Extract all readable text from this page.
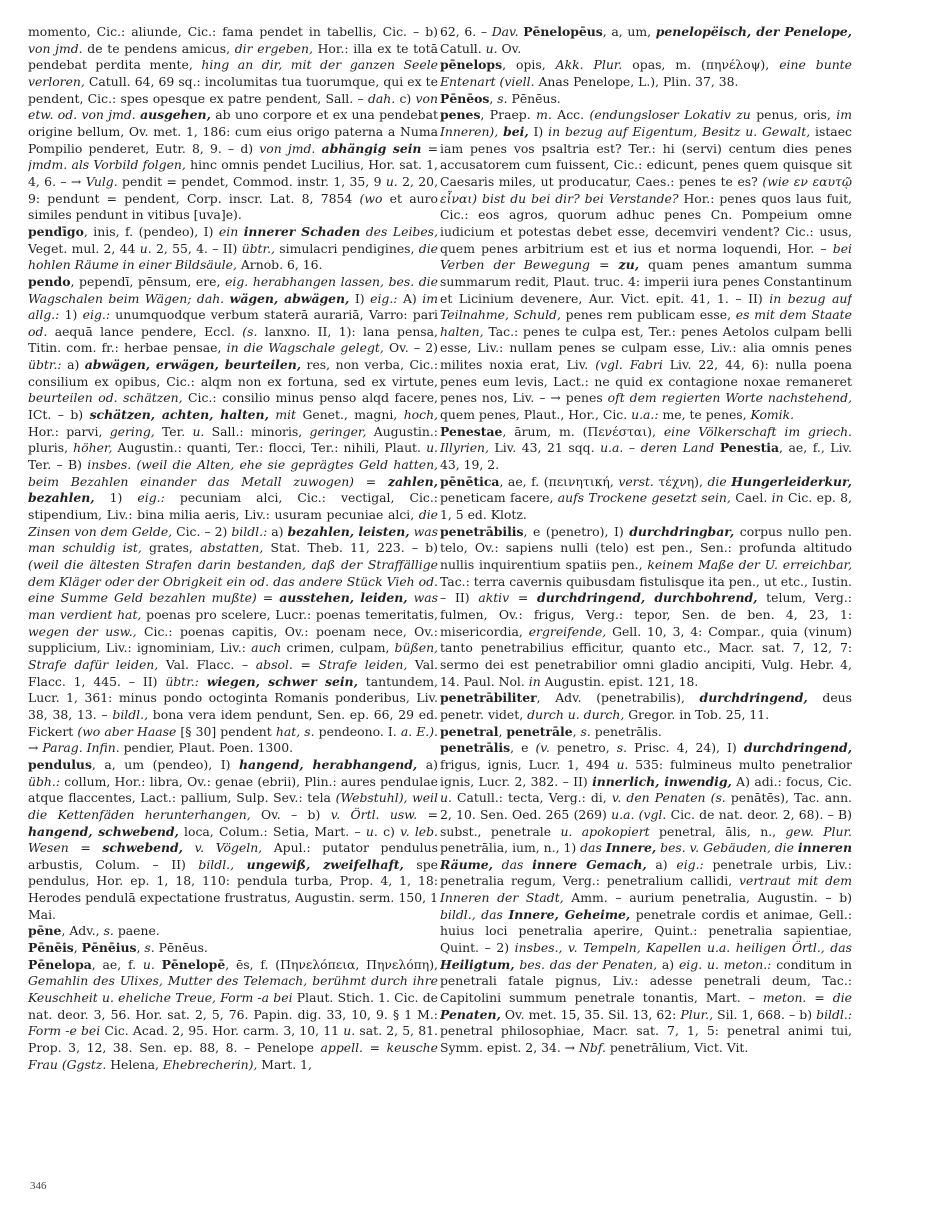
momento, Cic.: aliunde, Cic.: fama pendet in tabellis, Cic. – b) von jmd. de te pendens amicus, dir ergeben, Hor.: illa ex te totā pendebat perdita mente, hing an dir, mit der ganzen Seele verloren, Catull. 64, 69 sq.: incolumitas tua tuorumque, qui ex te pendent, Cic.: spes opesque ex patre pendent, Sall. – dah. c) von etw. od. von jmd. ausgehen, ab uno corpore et ex una pendebat origine bellum, Ov. met. 1, 186: cum eius origo paterna a Numa Pompilio penderet, Eutr. 8, 9. – d) von jmd. abhängig sein = jmdm. als Vorbild folgen, hinc omnis pendet Lucilius, Hor. sat. 1, 4, 6. – → Vulg. pendit = pendet, Commod. instr. 1, 35, 9 u. 2, 20, 9: pendunt = pendent, Corp. inscr. Lat. 8, 7854 (wo et auro similes pendunt in vitibus [uva]e).

pendīgo, inis, f. (pendeo), I) ein innerer Schaden des Leibes, Veget. mul. 2, 44 u. 2, 55, 4. – II) übtr., simulacri pendigines, die hohlen Räume in einer Bildsäule, Arnob. 6, 16.

pendo, pependī, pēnsum, ere, eig. herabhangen lassen, bes. die Wagschalen beim Wägen; dah. wägen, abwägen, I) eig.: A) im allg.: 1) eig.: unumquodque verbum staterā aurariā, Varro: pari od. aequā lance pendere, Eccl. (s. lanxno. II, 1): lana pensa, Titin. com. fr.: herbae pensae, in die Wagschale gelegt, Ov. – 2) übtr.: a) abwägen, erwägen, beurteilen, res, non verba, Cic.: consilium ex opibus, Cic.: alqm non ex fortuna, sed ex virtute, beurteilen od. schätzen, Cic.: consilio minus penso alqd facere, ICt. – b) schätzen, achten, halten, mit Genet., magni, hoch, Hor.: parvi, gering, Ter. u. Sall.: minoris, geringer, Augustin.: pluris, höher, Augustin.: quanti, Ter.: flocci, Ter.: nihili, Plaut. u. Ter. – B) insbes. (weil die Alten, ehe sie geprägtes Geld hatten, beim Bezahlen einander das Metall zuwogen) = zahlen, bezahlen, 1) eig.: pecuniam alci, Cic.: vectigal, Cic.: stipendium, Liv.: bina milia aeris, Liv.: usuram pecuniae alci, die Zinsen von dem Gelde, Cic. – 2) bildl.: a) bezahlen, leisten, was man schuldig ist, grates, abstatten, Stat. Theb. 11, 223. – b) (weil die ältesten Strafen darin bestanden, daß der Straffällige dem Kläger oder der Obrigkeit ein od. das andere Stück Vieh od. eine Summe Geld bezahlen mußte) = ausstehen, leiden, was man verdient hat, poenas pro scelere, Lucr.: poenas temeritatis, wegen der usw., Cic.: poenas capitis, Ov.: poenam nece, Ov.: supplicium, Liv.: ignominiam, Liv.: auch crimen, culpam, büßen, Strafe dafür leiden, Val. Flacc. – absol. = Strafe leiden, Val. Flacc. 1, 445. – II) übtr.: wiegen, schwer sein, tantundem, Lucr. 1, 361: minus pondo octoginta Romanis ponderibus, Liv. 38, 38, 13. – bildl., bona vera idem pendunt, Sen. ep. 66, 29 ed. Fickert (wo aber Haase [§ 30] pendent hat, s. pendeono. I. a. E.). → Parag. Infin. pendier, Plaut. Poen. 1300.

pendulus, a, um (pendeo), I) hangend, herabhangend, a) übh.: collum, Hor.: libra, Ov.: genae (ebrii), Plin.: aures pendulae atque flaccentes, Lact.: pallium, Sulp. Sev.: tela (Webstuhl), weil die Kettenfäden herunterhangen, Ov. – b) v. Örtl. usw. = hangend, schwebend, loca, Colum.: Setia, Mart. – u. c) v. leb. Wesen = schwebend, v. Vögeln, Apul.: putator pendulus arbustis, Colum. – II) bildl., ungewiß, zweifelhaft, spe pendulus, Hor. ep. 1, 18, 110: pendula turba, Prop. 4, 1, 18: Herodes pendulā expectatione frustratus, Augustin. serm. 150, 1 Mai.

pēne, Adv., s. paene.

Pēnēis, Pēnēius, s. Pēnēus.

Pēnelopa, ae, f. u. Pēnelopē, ēs, f. (Πηνελόπεια, Πηνελόπη), Gemahlin des Ulixes, Mutter des Telemach, berühmt durch ihre Keuschheit u. eheliche Treue, Form -a bei Plaut. Stich. 1. Cic. de nat. deor. 3, 56. Hor. sat. 2, 5, 76. Papin. dig. 33, 10, 9. § 1 M.: Form -e bei Cic. Acad. 2, 95. Hor. carm. 3, 10, 11 u. sat. 2, 5, 81. Prop. 3, 12, 38. Sen. ep. 88, 8. – Penelope appell. = keusche Frau (Ggstz. Helena, Ehebrecherin), Mart. 1,

62, 6. – Dav. Pēnelopēus, a, um, penelopëisch, der Penelope, Catull. u. Ov.

pēnelops, opis, Akk. Plur. opas, m. (πηνέλοψ), eine bunte Entenart (viell. Anas Penelope, L.), Plin. 37, 38.

Pēnēos, s. Pēnēus.

penes, Praep. m. Acc. (endungsloser Lokativ zu penus, oris, im Inneren), bei, I) in bezug auf Eigentum, Besitz u. Gewalt, istaec iam penes vos psaltria est? Ter.: hi (servi) centum dies penes accusatorem cum fuissent, Cic.: edicunt, penes quem quisque sit Caesaris miles, ut producatur, Caes.: penes te es? (wie εν εαυτῷ εἶναι) bist du bei dir? bei Verstande? Hor.: penes quos laus fuit, Cic.: eos agros, quorum adhuc penes Cn. Pompeium omne iudicium et potestas debet esse, decemviri vendent? Cic.: usus, quem penes arbitrium est et ius et norma loquendi, Hor. – bei Verben der Bewegung = zu, quam penes amantum summa summarum redit, Plaut. truc. 4: imperii iura penes Constantinum et Licinium devenere, Aur. Vict. epit. 41, 1. – II) in bezug auf Teilnahme, Schuld, penes rem publicam esse, es mit dem Staate halten, Tac.: penes te culpa est, Ter.: penes Aetolos culpam belli esse, Liv.: nullam penes se culpam esse, Liv.: alia omnis penes milites noxia erat, Liv. (vgl. Fabri Liv. 22, 44, 6): nulla poena penes eum levis, Lact.: ne quid ex contagione noxae remaneret penes nos, Liv. – → penes oft dem regierten Worte nachstehend, quem penes, Plaut., Hor., Cic. u.a.: me, te penes, Komik.

Penestae, ārum, m. (Πενέσται), eine Völkerschaft im griech. Illyrien, Liv. 43, 21 sqq. u.a. – deren Land Penestia, ae, f., Liv. 43, 19, 2.

pēnētica, ae, f. (πεινητική, verst. τέχνη), die Hungerleiderkur, peneticam facere, aufs Trockene gesetzt sein, Cael. in Cic. ep. 8, 1, 5 ed. Klotz.

penetrābilis, e (penetro), I) durchdringbar, corpus nullo pen. telo, Ov.: sapiens nulli (telo) est pen., Sen.: profunda altitudo nullis inquirentium spatiis pen., keinem Maße der U. erreichbar, Tac.: terra cavernis quibusdam fistulisque ita pen., ut etc., Iustin. – II) aktiv = durchdringend, durchbohrend, telum, Verg.: fulmen, Ov.: frigus, Verg.: tepor, Sen. de ben. 4, 23, 1: misericordia, ergreifende, Gell. 10, 3, 4: Compar., quia (vinum) tanto penetrabilius efficitur, quanto etc., Macr. sat. 7, 12, 7: sermo dei est penetrabilior omni gladio ancipiti, Vulg. Hebr. 4, 14. Paul. Nol. in Augustin. epist. 121, 18.

penetrābiliter, Adv. (penetrabilis), durchdringend, deus penetr. videt, durch u. durch, Gregor. in Tob. 25, 11.

penetral, penetrāle, s. penetrālis.

penetrālis, e (v. penetro, s. Prisc. 4, 24), I) durchdringend, frigus, ignis, Lucr. 1, 494 u. 535: fulmineus multo penetralior ignis, Lucr. 2, 382. – II) innerlich, inwendig, A) adi.: focus, Cic. u. Catull.: tecta, Verg.: di, v. den Penaten (s. penātēs), Tac. ann. 2, 10. Sen. Oed. 265 (269) u.a. (vgl. Cic. de nat. deor. 2, 68). – B) subst., penetrale u. apokopiert penetral, ālis, n., gew. Plur. penetrālia, ium, n., 1) das Innere, bes. v. Gebäuden, die inneren Räume, das innere Gemach, a) eig.: penetrale urbis, Liv.: penetralia regum, Verg.: penetralium callidi, vertraut mit dem Inneren der Stadt, Amm. – aurium penetralia, Augustin. – b) bildl., das Innere, Geheime, penetrale cordis et animae, Gell.: huius loci penetralia aperire, Quint.: penetralia sapientiae, Quint. – 2) insbes., v. Tempeln, Kapellen u.a. heiligen Örtl., das Heiligtum, bes. das der Penaten, a) eig. u. meton.: conditum in penetrali fatale pignus, Liv.: adesse penetrali deum, Tac.: Capitolini summum penetrale tonantis, Mart. – meton. = die Penaten, Ov. met. 15, 35. Sil. 13, 62: Plur., Sil. 1, 668. – b) bildl.: penetral philosophiae, Macr. sat. 7, 1, 5: penetral animi tui, Symm. epist. 2, 34. → Nbf. penetrālium, Vict. Vit.

346
